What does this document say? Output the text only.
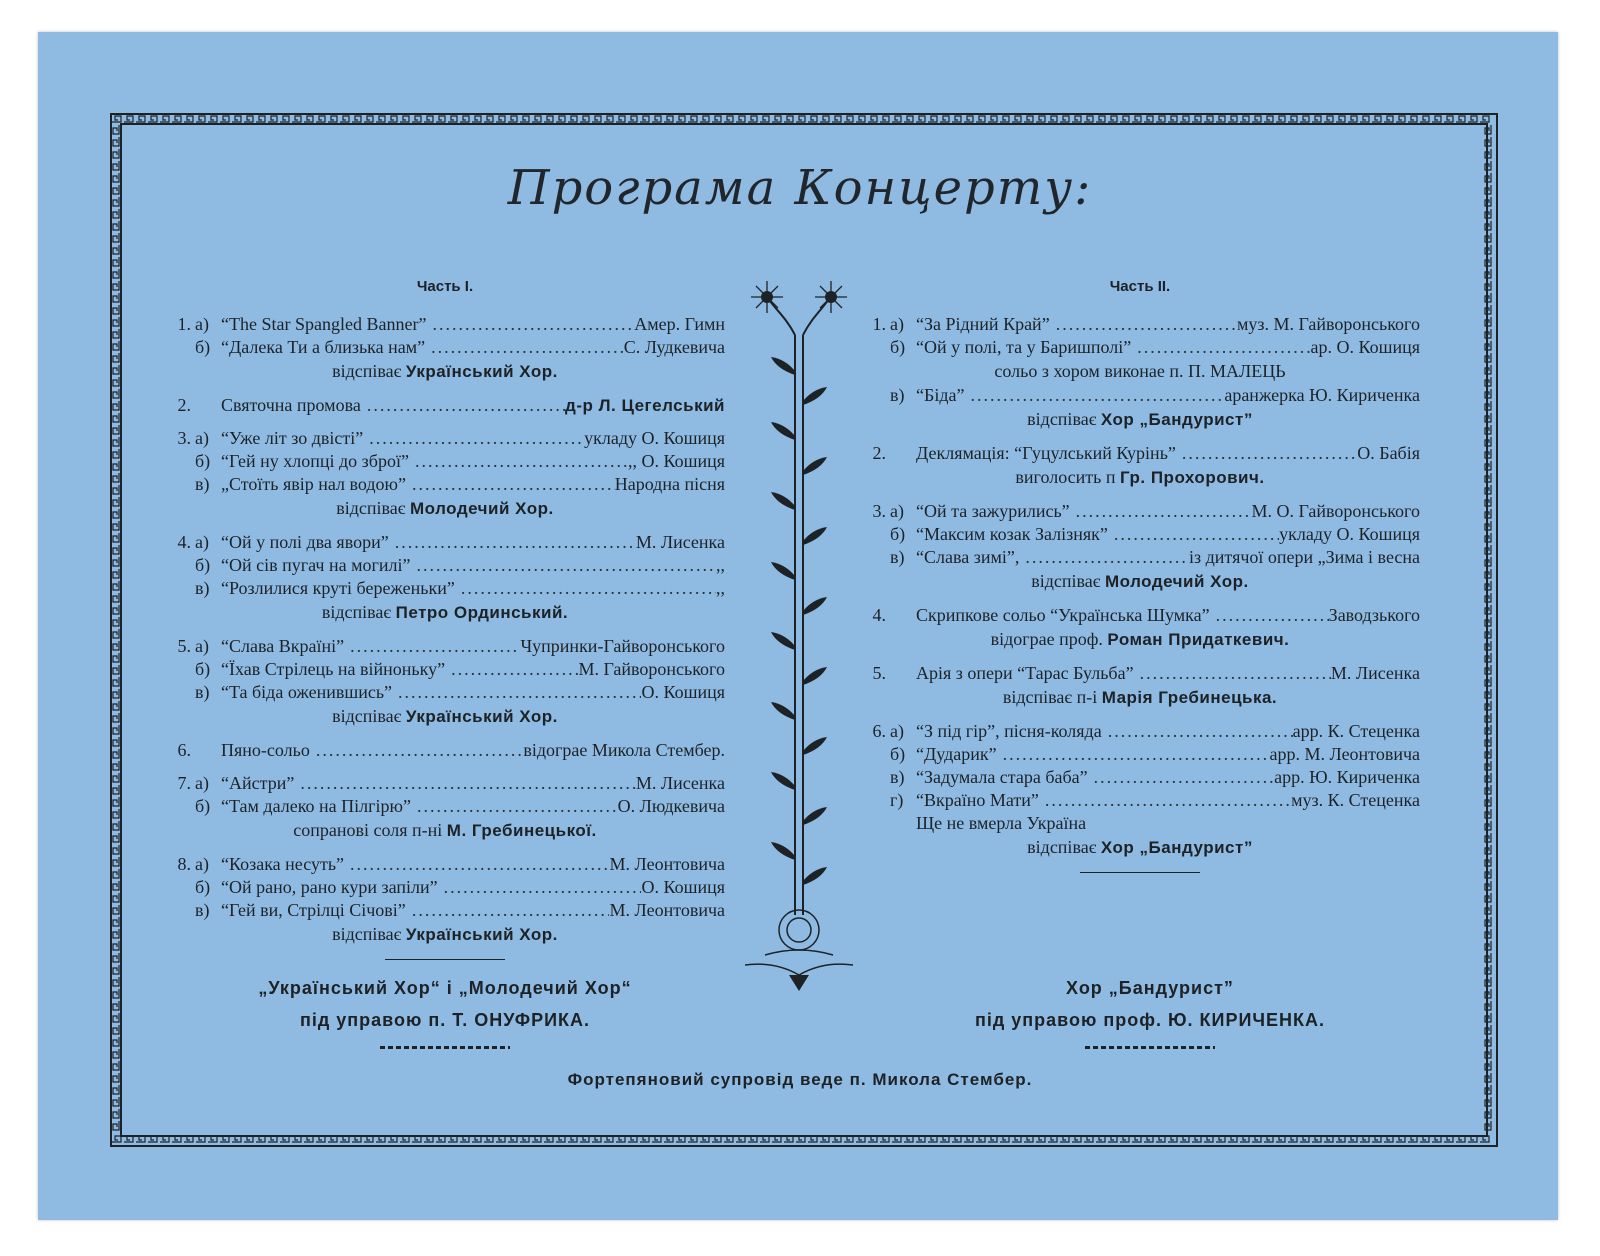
Програма Концерту:
Часть І.
1. а) “The Star Spangled Banner” .....	Амер. Гимн
б) “Далека Ти а близька нам” .....	С. Лудкевича
відспіває Український Хор.
2. Святочна промова .....	д-р Л. Цегелський
3. а) “Уже літ зо двісті” .....	укладу О. Кошиця
б) “Гей ну хлопці до зброї” .....	,, О. Кошиця
в) „Стоїть явір нал водою” .....	Народна пісня
відспіває Молодечий Хор.
4. а) “Ой у полі два явори” .....	М. Лисенка
б) “Ой сів пугач на могилі” .....	,,
в) “Розлилися круті береженьки” .....	,,
відспіває Петро Ординський.
5. а) “Слава Вкраїні” .....	Чупринки-Гайворонського
б) “Їхав Стрілець на війноньку” .....	М. Гайворонського
в) “Та біда оженившись” .....	О. Кошиця
відспіває Український Хор.
6. Пяно-сольо .....	відограе Микола Стембер.
7. а) “Айстри” .....	М. Лисенка
б) “Там далеко на Пілгірю” .....	О. Людкевича
сопранові соля п-ні М. Гребинецької.
8. а) “Козака несуть” .....	М. Леонтовича
б) “Ой рано, рано кури запіли” .....	О. Кошиця
в) “Гей ви, Стрілці Січові” .....	М. Леонтовича
відспіває Український Хор.
„Український Хор“ і „Молодечий Хор“
під управою п. Т. ОНУФРИКА.
Часть II.
1. а) “За Рідний Край” .....	муз. М. Гайворонського
б) “Ой у полі, та у Баришполі” .....	ар. О. Кошиця
сольо з хором виконае п. П. МАЛЕЦЬ
в) “Біда” .....	аранжерка Ю. Кириченка
відспіває Хор „Бандурист”
2. Деклямація: “Гуцулський Курінь” .....	О. Бабія
виголосить п Гр. Прохорович.
3. а) “Ой та зажурились” .....	М. О. Гайворонського
б) “Максим козак Залізняк” .....	укладу О. Кошиця
в) “Слава зимі”, .....	із дитячої опери „Зима і весна
відспіває Молодечий Хор.
4. Скрипкове сольо “Українська Шумка” .....	Заводзького
відограе проф. Роман Придаткевич.
5. Арія з опери “Тарас Бульба” .....	М. Лисенка
відспіває п-і Марія Гребинецька.
6. а) “З під гір”, пісня-коляда .....	арр. К. Стеценка
б) “Дударик” .....	арр. М. Леонтовича
в) “Задумала стара баба” .....	арр. Ю. Кириченка
г) “Вкраїно Мати” .....	муз. К. Стеценка
Ще не вмерла Україна
відспіває Хор „Бандурист”
Хор „Бандурист”
під управою проф. Ю. КИРИЧЕНКА.
Фортепяновий супровід веде п. Микола Стембер.
